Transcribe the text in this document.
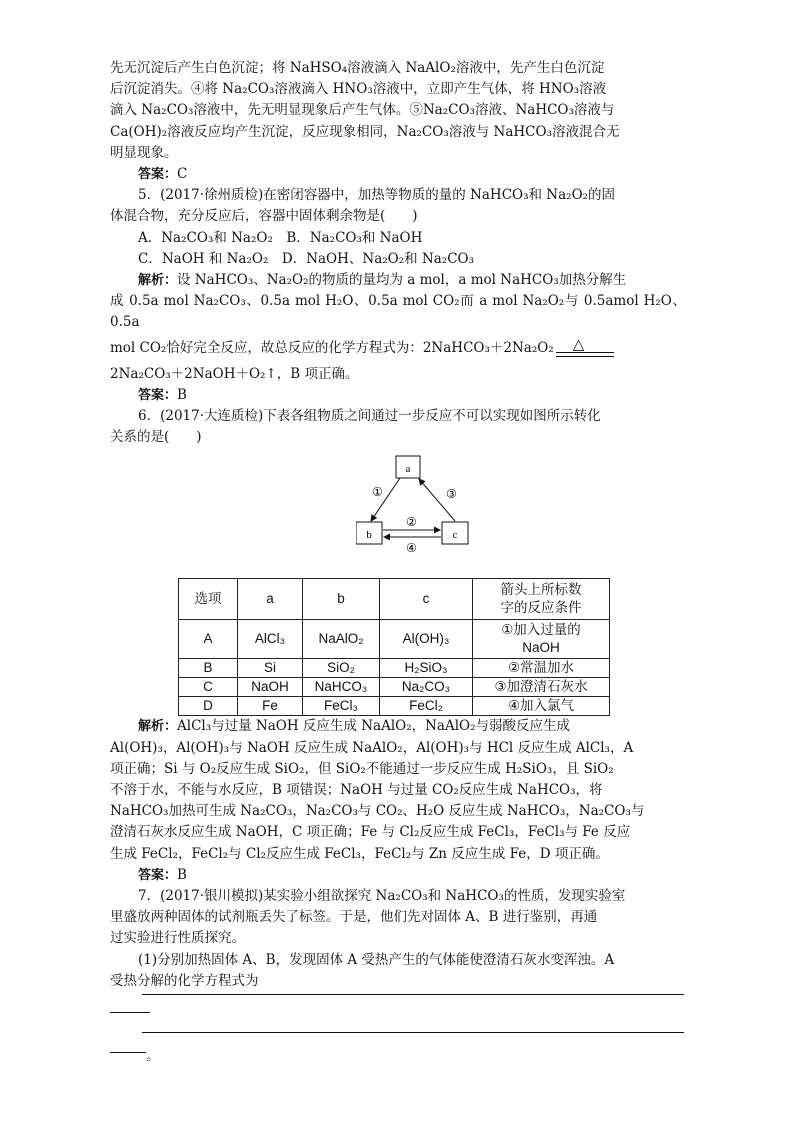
先无沉淀后产生白色沉淀；将 NaHSO₄溶液滴入 NaAlO₂溶液中，先产生白色沉淀

后沉淀消失。④将 Na₂CO₃溶液滴入 HNO₃溶液中，立即产生气体，将 HNO₃溶液

滴入 Na₂CO₃溶液中，先无明显现象后产生气体。⑤Na₂CO₃溶液、NaHCO₃溶液与

Ca(OH)₂溶液反应均产生沉淀，反应现象相同，Na₂CO₃溶液与 NaHCO₃溶液混合无

明显现象。

答案：C

5．(2017·徐州质检)在密闭容器中，加热等物质的量的 NaHCO₃和 Na₂O₂的固

体混合物，充分反应后，容器中固体剩余物是(　　)

A．Na₂CO₃和 Na₂O₂　B．Na₂CO₃和 NaOH

C．NaOH 和 Na₂O₂　D．NaOH、Na₂O₂和 Na₂CO₃

解析：设 NaHCO₃、Na₂O₂的物质的量均为 a mol，a mol NaHCO₃加热分解生

成 0.5a mol Na₂CO₃、0.5a mol H₂O、0.5a mol CO₂而 a mol Na₂O₂与 0.5amol H₂O、0.5a

mol CO₂恰好完全反应，故总反应的化学方程式为：2NaHCO₃＋2Na₂O₂ △

2Na₂CO₃＋2NaOH＋O₂↑，B 项正确。

答案：B

6．(2017·大连质检)下表各组物质之间通过一步反应不可以实现如图所示转化

关系的是(　　)

a
b	c
①	③
②
④
选项	a	b	c	箭头上所标数
字的反应条件

A	AlCl₃	NaAlO₂	Al(OH)₃	①加入过量的
NaOH

B	Si	SiO₂	H₂SiO₃	②常温加水
C	NaOH	NaHCO₃	Na₂CO₃	③加澄清石灰水
D	Fe	FeCl₃	FeCl₂	④加入氯气

解析：AlCl₃与过量 NaOH 反应生成 NaAlO₂，NaAlO₂与弱酸反应生成

Al(OH)₃，Al(OH)₃与 NaOH 反应生成 NaAlO₂，Al(OH)₃与 HCl 反应生成 AlCl₃，A

项正确；Si 与 O₂反应生成 SiO₂，但 SiO₂不能通过一步反应生成 H₂SiO₃，且 SiO₂

不溶于水，不能与水反应，B 项错误；NaOH 与过量 CO₂反应生成 NaHCO₃，将

NaHCO₃加热可生成 Na₂CO₃，Na₂CO₃与 CO₂、H₂O 反应生成 NaHCO₃，Na₂CO₃与

澄清石灰水反应生成 NaOH，C 项正确；Fe 与 Cl₂反应生成 FeCl₃，FeCl₃与 Fe 反应

生成 FeCl₂，FeCl₂与 Cl₂反应生成 FeCl₃，FeCl₂与 Zn 反应生成 Fe，D 项正确。

答案：B

7．(2017·银川模拟)某实验小组欲探究 Na₂CO₃和 NaHCO₃的性质，发现实验室

里盛放两种固体的试剂瓶丢失了标签。于是，他们先对固体 A、B 进行鉴别，再通

过实验进行性质探究。

(1)分别加热固体 A、B，发现固体 A 受热产生的气体能使澄清石灰水变浑浊。A

受热分解的化学方程式为

。
